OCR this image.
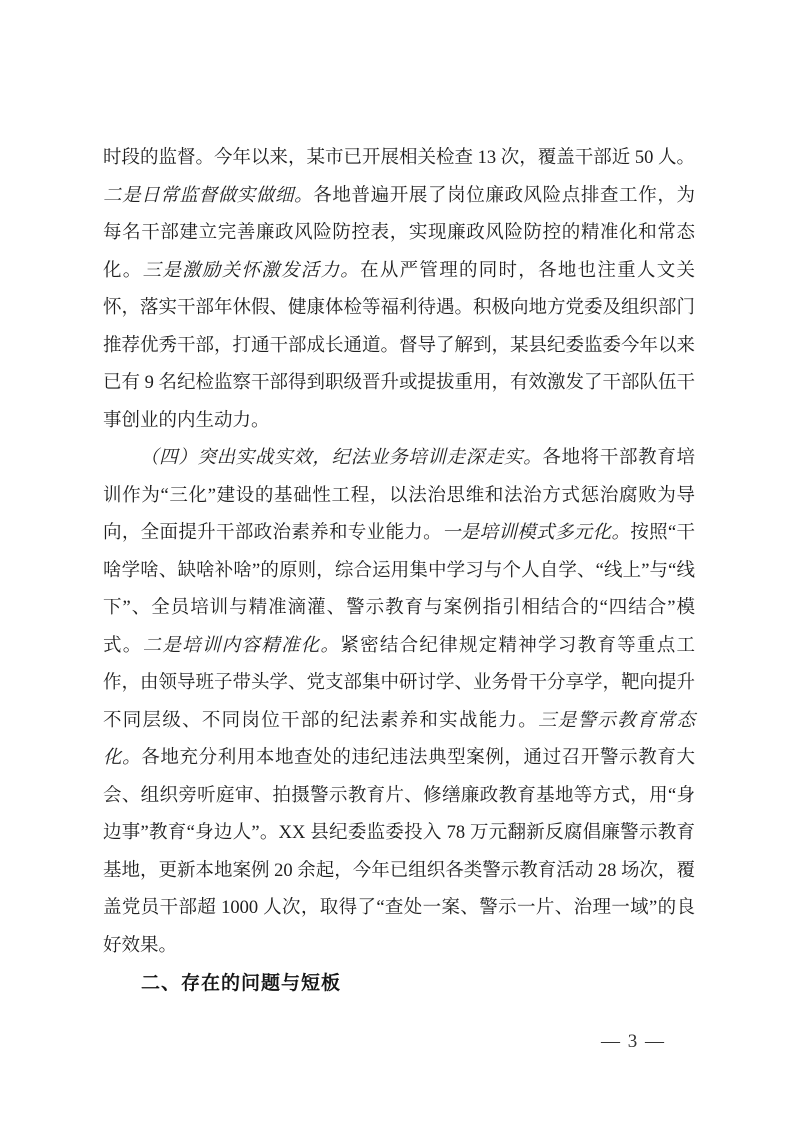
时段的监督。今年以来，某市已开展相关检查 13 次，覆盖干部近 50 人。二是日常监督做实做细。各地普遍开展了岗位廉政风险点排查工作，为每名干部建立完善廉政风险防控表，实现廉政风险防控的精准化和常态化。三是激励关怀激发活力。在从严管理的同时，各地也注重人文关怀，落实干部年休假、健康体检等福利待遇。积极向地方党委及组织部门推荐优秀干部，打通干部成长通道。督导了解到，某县纪委监委今年以来已有 9 名纪检监察干部得到职级晋升或提拔重用，有效激发了干部队伍干事创业的内生动力。

（四）突出实战实效，纪法业务培训走深走实。各地将干部教育培训作为“三化”建设的基础性工程，以法治思维和法治方式惩治腐败为导向，全面提升干部政治素养和专业能力。一是培训模式多元化。按照“干啥学啥、缺啥补啥”的原则，综合运用集中学习与个人自学、“线上”与“线下”、全员培训与精准滴灌、警示教育与案例指引相结合的“四结合”模式。二是培训内容精准化。紧密结合纪律规定精神学习教育等重点工作，由领导班子带头学、党支部集中研讨学、业务骨干分享学，靶向提升不同层级、不同岗位干部的纪法素养和实战能力。三是警示教育常态化。各地充分利用本地查处的违纪违法典型案例，通过召开警示教育大会、组织旁听庭审、拍摄警示教育片、修缮廉政教育基地等方式，用“身边事”教育“身边人”。XX 县纪委监委投入 78 万元翻新反腐倡廉警示教育基地，更新本地案例 20 余起，今年已组织各类警示教育活动 28 场次，覆盖党员干部超 1000 人次，取得了“查处一案、警示一片、治理一域”的良好效果。

二、存在的问题与短板
— 3 —
